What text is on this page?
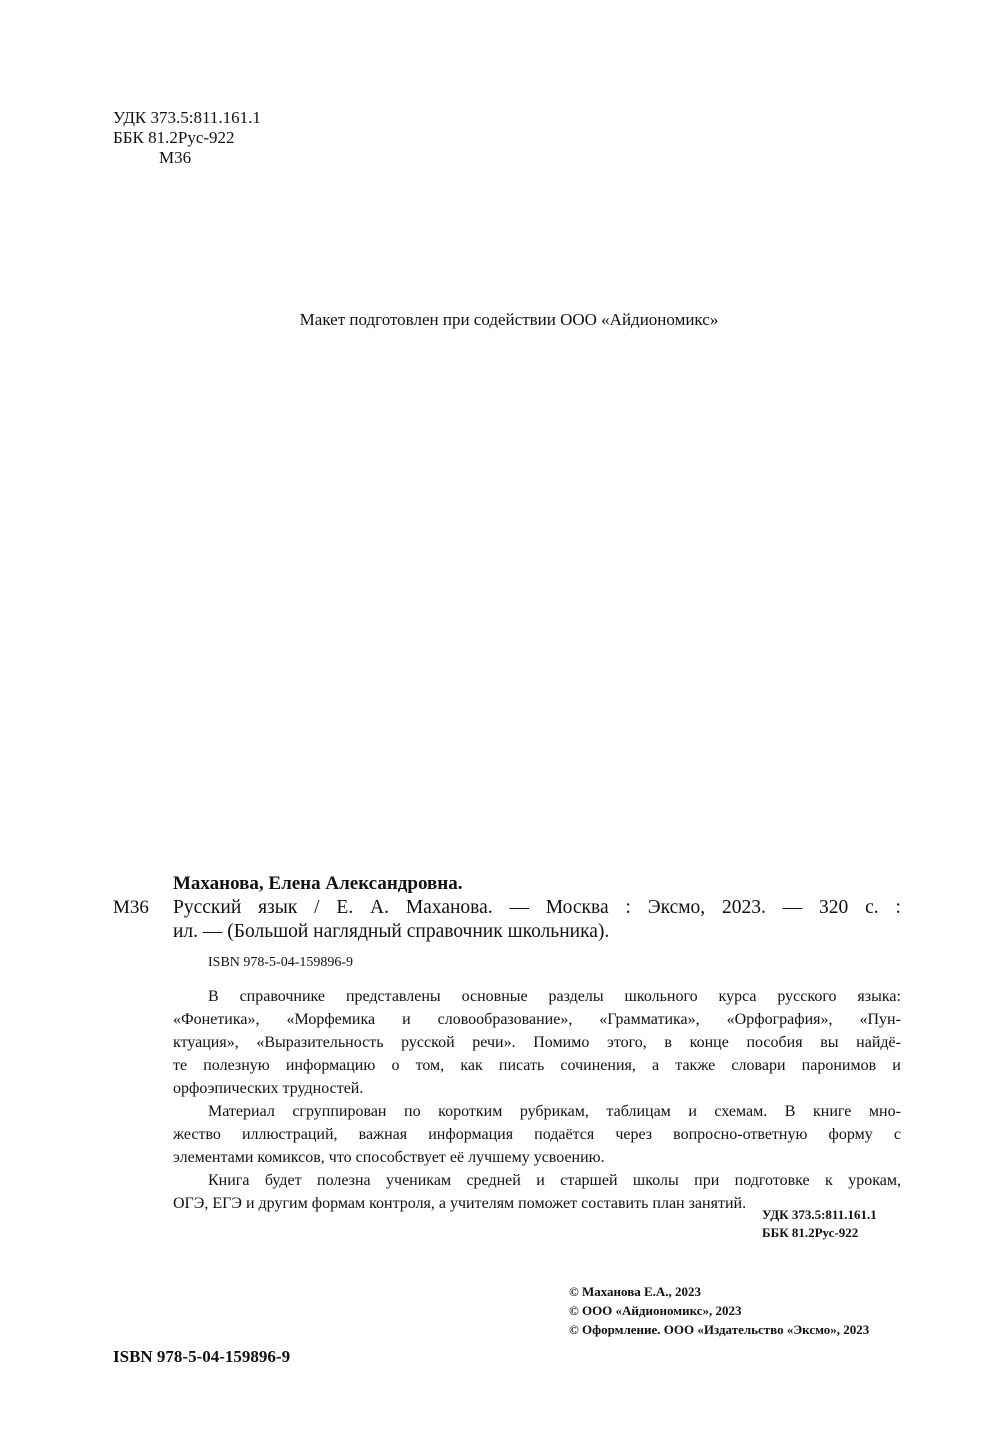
УДК 373.5:811.161.1
ББК 81.2Рус-922
М36
Макет подготовлен при содействии ООО «Айдиономикс»
Маханова, Елена Александровна.
М36 Русский язык / Е. А. Маханова. — Москва : Эксмо, 2023. — 320 с. :
ил. — (Большой наглядный справочник школьника).
ISBN 978-5-04-159896-9
В справочнике представлены основные разделы школьного курса русского языка:
«Фонетика», «Морфемика и словообразование», «Грамматика», «Орфография», «Пун-
ктуация», «Выразительность русской речи». Помимо этого, в конце пособия вы найдё-
те полезную информацию о том, как писать сочинения, а также словари паронимов и
орфоэпических трудностей.
Материал сгруппирован по коротким рубрикам, таблицам и схемам. В книге мно-
жество иллюстраций, важная информация подаётся через вопросно-ответную форму с
элементами комиксов, что способствует её лучшему усвоению.
Книга будет полезна ученикам средней и старшей школы при подготовке к урокам,
ОГЭ, ЕГЭ и другим формам контроля, а учителям поможет составить план занятий.
УДК 373.5:811.161.1
ББК 81.2Рус-922
ISBN 978-5-04-159896-9
© Маханова Е.А., 2023
© ООО «Айдиономикс», 2023
© Оформление. ООО «Издательство «Эксмо», 2023
